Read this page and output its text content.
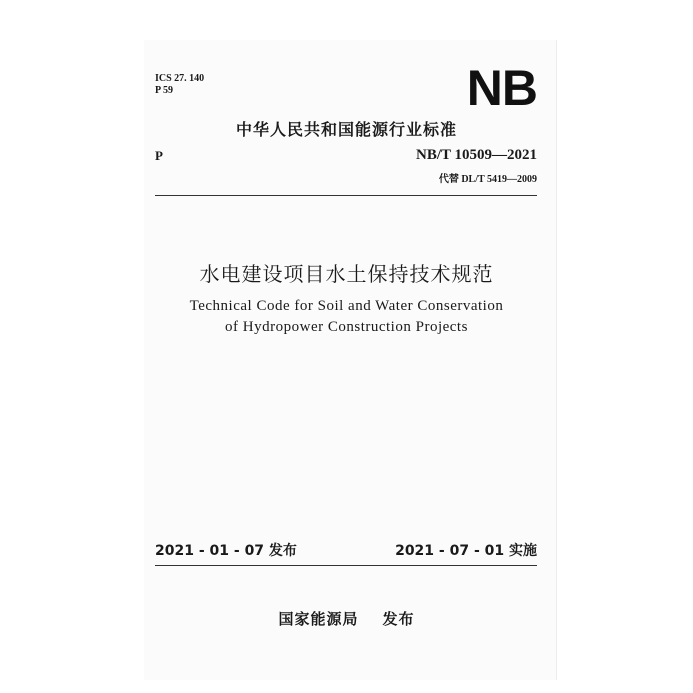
ICS 27. 140
P 59	NB
中华人民共和国能源行业标准
P	NB/T 10509—2021
代替 DL/T 5419—2009
水电建设项目水土保持技术规范
Technical Code for Soil and Water Conservation
of Hydropower Construction Projects
2021 - 01 - 07 发布	2021 - 07 - 01 实施
国家能源局 发布
